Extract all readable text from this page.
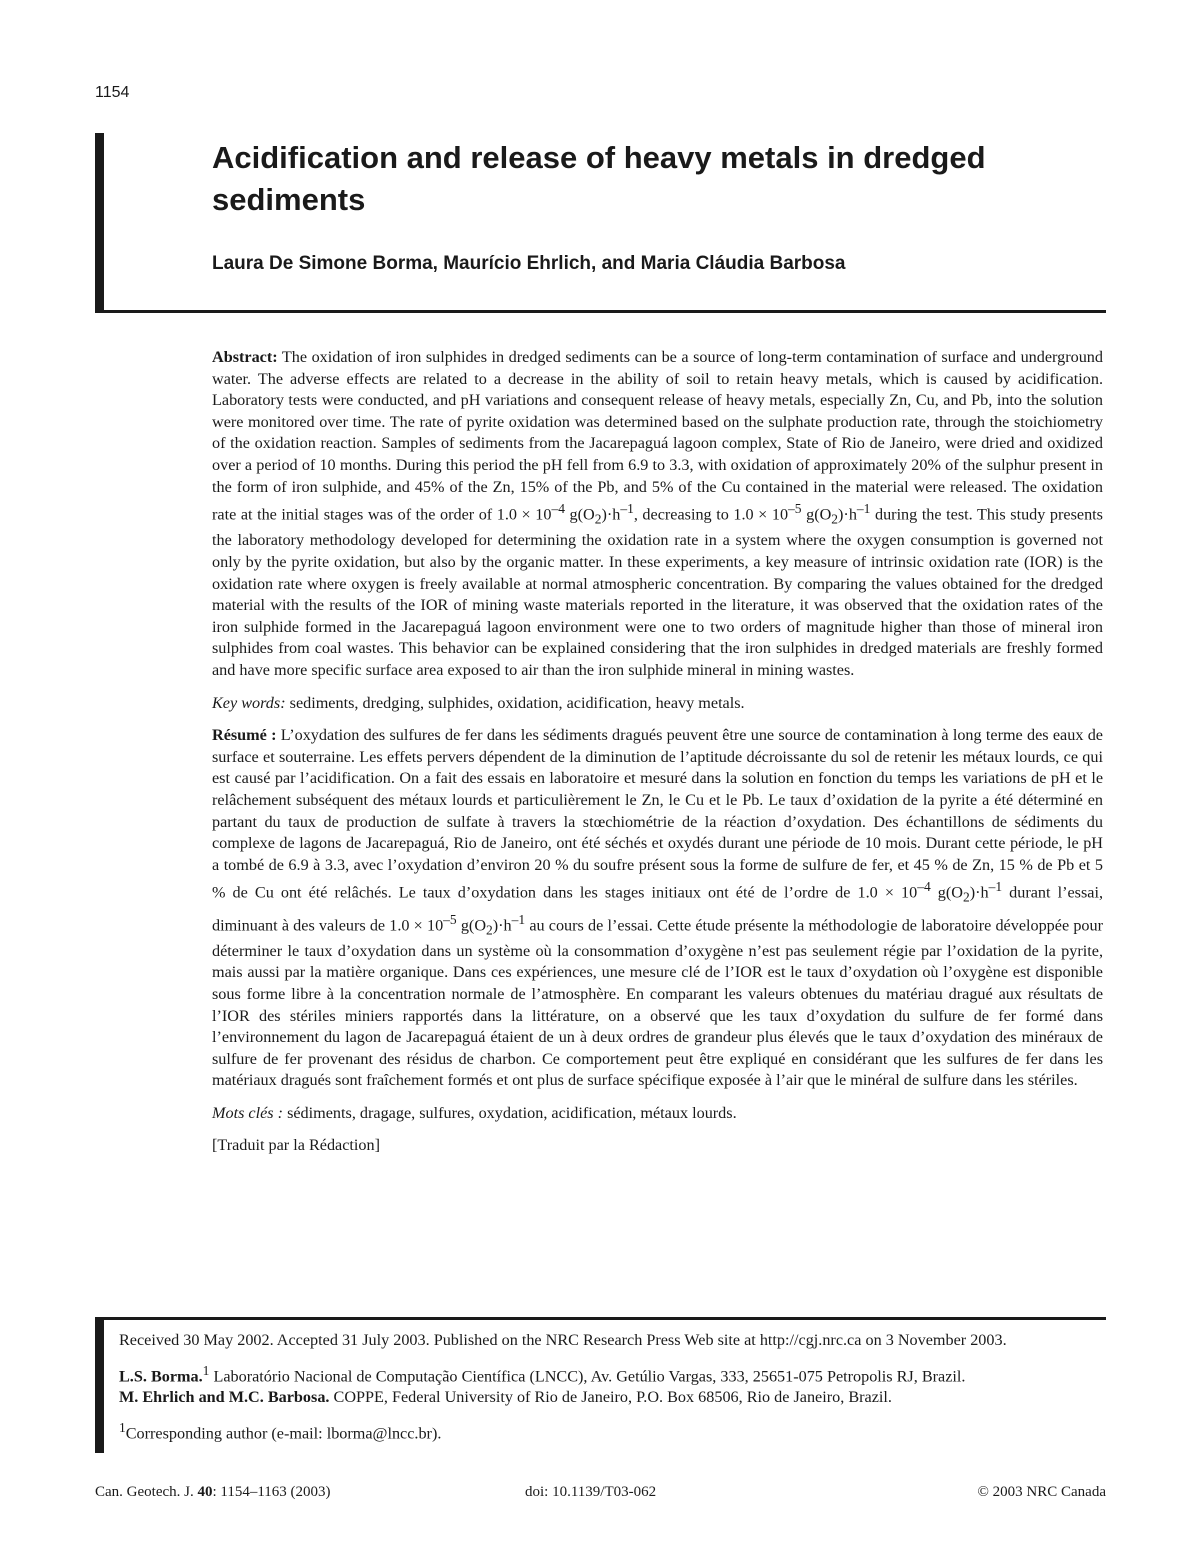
1154
Acidification and release of heavy metals in dredged sediments

Laura De Simone Borma, Maurício Ehrlich, and Maria Cláudia Barbosa

Abstract: The oxidation of iron sulphides in dredged sediments can be a source of long-term contamination of surface and underground water. The adverse effects are related to a decrease in the ability of soil to retain heavy metals, which is caused by acidification. Laboratory tests were conducted, and pH variations and consequent release of heavy metals, especially Zn, Cu, and Pb, into the solution were monitored over time. The rate of pyrite oxidation was determined based on the sulphate production rate, through the stoichiometry of the oxidation reaction. Samples of sediments from the Jacarepaguá lagoon complex, State of Rio de Janeiro, were dried and oxidized over a period of 10 months. During this period the pH fell from 6.9 to 3.3, with oxidation of approximately 20% of the sulphur present in the form of iron sulphide, and 45% of the Zn, 15% of the Pb, and 5% of the Cu contained in the material were released. The oxidation rate at the initial stages was of the order of $1.0 \times 10^{-4}$ $g(O_2)\cdot h^{-1}$, decreasing to $1.0 \times 10^{-5}$ $g(O_2)\cdot h^{-1}$ during the test. This study presents the laboratory methodology developed for determining the oxidation rate in a system where the oxygen consumption is governed not only by the pyrite oxidation, but also by the organic matter. In these experiments, a key measure of intrinsic oxidation rate (IOR) is the oxidation rate where oxygen is freely available at normal atmospheric concentration. By comparing the values obtained for the dredged material with the results of the IOR of mining waste materials reported in the literature, it was observed that the oxidation rates of the iron sulphide formed in the Jacarepaguá lagoon environment were one to two orders of magnitude higher than those of mineral iron sulphides from coal wastes. This behavior can be explained considering that the iron sulphides in dredged materials are freshly formed and have more specific surface area exposed to air than the iron sulphide mineral in mining wastes.

Key words: sediments, dredging, sulphides, oxidation, acidification, heavy metals.

Résumé : L’oxydation des sulfures de fer dans les sédiments dragués peuvent être une source de contamination à long terme des eaux de surface et souterraine. Les effets pervers dépendent de la diminution de l’aptitude décroissante du sol de retenir les métaux lourds, ce qui est causé par l’acidification. On a fait des essais en laboratoire et mesuré dans la solution en fonction du temps les variations de pH et le relâchement subséquent des métaux lourds et particulièrement le Zn, le Cu et le Pb. Le taux d’oxidation de la pyrite a été déterminé en partant du taux de production de sulfate à travers la stœchiométrie de la réaction d’oxydation. Des échantillons de sédiments du complexe de lagons de Jacarepaguá, Rio de Janeiro, ont été séchés et oxydés durant une période de 10 mois. Durant cette période, le pH a tombé de 6.9 à 3.3, avec l’oxydation d’environ 20 % du soufre présent sous la forme de sulfure de fer, et 45 % de Zn, 15 % de Pb et 5 % de Cu ont été relâchés. Le taux d’oxydation dans les stages initiaux ont été de l’ordre de $1.0 \times 10^{-4}$ $g(O_2)\cdot h^{-1}$ durant l’essai, diminuant à des valeurs de $1.0 \times 10^{-5}$ $g(O_2)\cdot h^{-1}$ au cours de l’essai. Cette étude présente la méthodologie de laboratoire développée pour déterminer le taux d’oxydation dans un système où la consommation d’oxygène n’est pas seulement régie par l’oxidation de la pyrite, mais aussi par la matière organique. Dans ces expériences, une mesure clé de l’IOR est le taux d’oxydation où l’oxygène est disponible sous forme libre à la concentration normale de l’atmosphère. En comparant les valeurs obtenues du matériau dragué aux résultats de l’IOR des stériles miniers rapportés dans la littérature, on a observé que les taux d’oxydation du sulfure de fer formé dans l’environnement du lagon de Jacarepaguá étaient de un à deux ordres de grandeur plus élevés que le taux d’oxydation des minéraux de sulfure de fer provenant des résidus de charbon. Ce comportement peut être expliqué en considérant que les sulfures de fer dans les matériaux dragués sont fraîchement formés et ont plus de surface spécifique exposée à l’air que le minéral de sulfure dans les stériles.

Mots clés : sédiments, dragage, sulfures, oxydation, acidification, métaux lourds.

[Traduit par la Rédaction]

Received 30 May 2002. Accepted 31 July 2003. Published on the NRC Research Press Web site at http://cgj.nrc.ca on 3 November 2003.

L.S. Borma.$^1$ Laboratório Nacional de Computação Científica (LNCC), Av. Getúlio Vargas, 333, 25651-075 Petropolis RJ, Brazil.

M. Ehrlich and M.C. Barbosa. COPPE, Federal University of Rio de Janeiro, P.O. Box 68506, Rio de Janeiro, Brazil.

$^1$Corresponding author (e-mail: lborma@lncc.br).

Can. Geotech. J. 40: 1154–1163 (2003)	doi: 10.1139/T03-062	© 2003 NRC Canada
